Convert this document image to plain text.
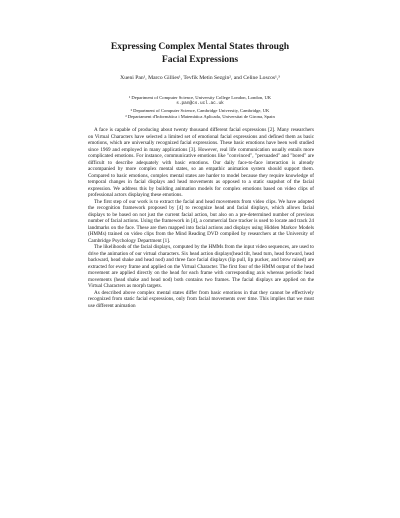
Expressing Complex Mental States through
Facial Expressions
Xueni Pan¹, Marco Gillies¹, Tevfik Metin Sezgin², and Celine Loscos¹,³
¹ Department of Computer Science, University College London, London, UK
s.pan@cs.ucl.ac.uk
² Department of Computer Science, Cambridge University, Cambridge, UK
³ Departament d'Informàtica i Matemàtica Aplicada, Universitat de Girona, Spain

A face is capable of producing about twenty thousand different facial expressions [2]. Many researchers on Virtual Characters have selected a limited set of emotional facial expressions and defined them as basic emotions, which are universally recognized facial expressions. These basic emotions have been well studied since 1969 and employed in many applications [3]. However, real life communication usually entails more complicated emotions. For instance, communicative emotions like "convinced", "persuaded" and "bored" are difficult to describe adequately with basic emotions. Our daily face-to-face interaction is already accompanied by more complex mental states, so an empathic animation system should support them. Compared to basic emotions, complex mental states are harder to model because they require knowledge of temporal changes in facial displays and head movements as opposed to a static snapshot of the facial expression. We address this by building animation models for complex emotions based on video clips of professional actors displaying these emotions.

The first step of our work is to extract the facial and head movements from video clips. We have adopted the recognition framework proposed by [4] to recognize head and facial displays, which allows facial displays to be based on not just the current facial action, but also on a pre-determined number of previous number of facial actions. Using the framework in [4], a commercial face tracker is used to locate and track 24 landmarks on the face. These are then mapped into facial actions and displays using Hidden Markov Models (HMMs) trained on video clips from the Mind Reading DVD compiled by researchers at the University of Cambridge Psychology Department [1].

The likelihoods of the facial displays, computed by the HMMs from the input video sequences, are used to drive the animation of our virtual characters. Six head action displays(head tilt, head turn, head forward, head backward, head shake and head nod) and three face facial displays (lip pull, lip pucker, and brow raised) are extracted for every frame and applied on the Virtual Character. The first four of the HMM output of the head movement are applied directly on the head for each frame with corresponding axis whereas periodic head movements (head shake and head nod) both contains two frames. The facial displays are applied on the Virtual Characters as morph targets.

As described above complex mental states differ from basic emotions in that they cannot be effectively recognized from static facial expressions, only from facial movements over time. This implies that we must use different animation
